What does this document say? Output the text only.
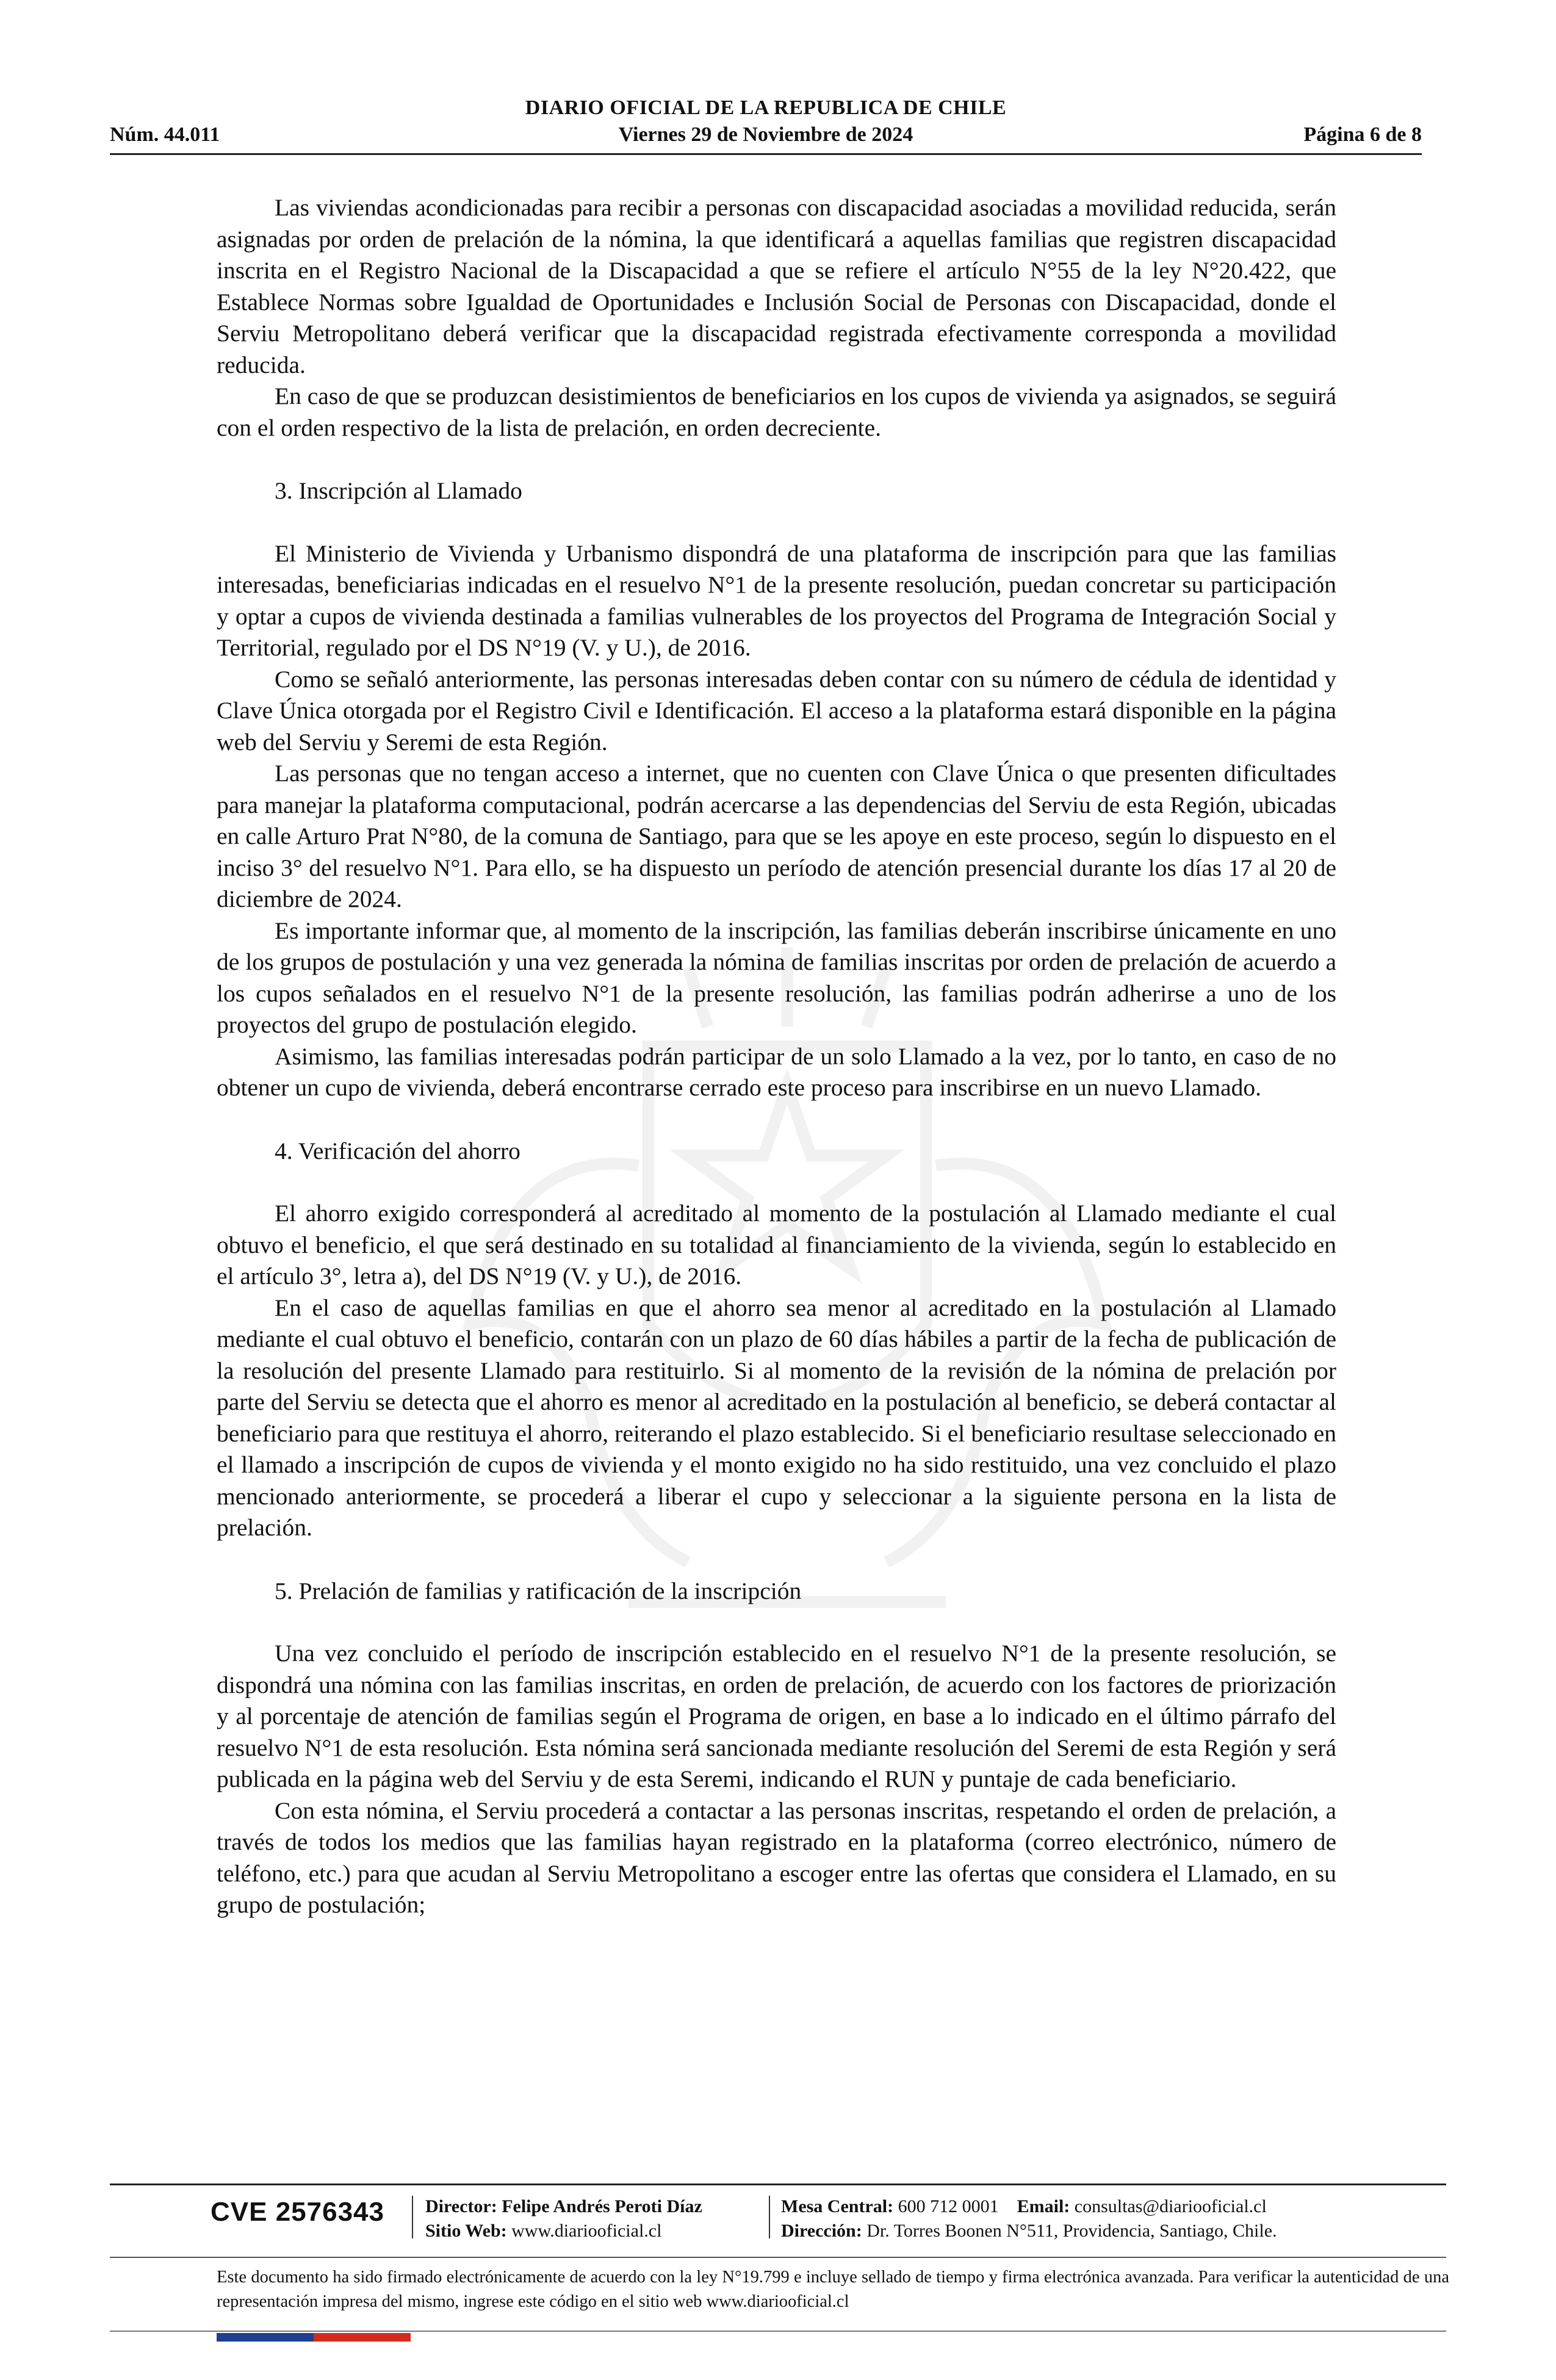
DIARIO OFICIAL DE LA REPUBLICA DE CHILE
Núm. 44.011	Viernes 29 de Noviembre de 2024	Página 6 de 8

Las viviendas acondicionadas para recibir a personas con discapacidad asociadas a movilidad reducida, serán asignadas por orden de prelación de la nómina, la que identificará a aquellas familias que registren discapacidad inscrita en el Registro Nacional de la Discapacidad a que se refiere el artículo N°55 de la ley N°20.422, que Establece Normas sobre Igualdad de Oportunidades e Inclusión Social de Personas con Discapacidad, donde el Serviu Metropolitano deberá verificar que la discapacidad registrada efectivamente corresponda a movilidad reducida.

En caso de que se produzcan desistimientos de beneficiarios en los cupos de vivienda ya asignados, se seguirá con el orden respectivo de la lista de prelación, en orden decreciente.

3. Inscripción al Llamado

El Ministerio de Vivienda y Urbanismo dispondrá de una plataforma de inscripción para que las familias interesadas, beneficiarias indicadas en el resuelvo N°1 de la presente resolución, puedan concretar su participación y optar a cupos de vivienda destinada a familias vulnerables de los proyectos del Programa de Integración Social y Territorial, regulado por el DS N°19 (V. y U.), de 2016.

Como se señaló anteriormente, las personas interesadas deben contar con su número de cédula de identidad y Clave Única otorgada por el Registro Civil e Identificación. El acceso a la plataforma estará disponible en la página web del Serviu y Seremi de esta Región.

Las personas que no tengan acceso a internet, que no cuenten con Clave Única o que presenten dificultades para manejar la plataforma computacional, podrán acercarse a las dependencias del Serviu de esta Región, ubicadas en calle Arturo Prat N°80, de la comuna de Santiago, para que se les apoye en este proceso, según lo dispuesto en el inciso 3° del resuelvo N°1. Para ello, se ha dispuesto un período de atención presencial durante los días 17 al 20 de diciembre de 2024.

Es importante informar que, al momento de la inscripción, las familias deberán inscribirse únicamente en uno de los grupos de postulación y una vez generada la nómina de familias inscritas por orden de prelación de acuerdo a los cupos señalados en el resuelvo N°1 de la presente resolución, las familias podrán adherirse a uno de los proyectos del grupo de postulación elegido.

Asimismo, las familias interesadas podrán participar de un solo Llamado a la vez, por lo tanto, en caso de no obtener un cupo de vivienda, deberá encontrarse cerrado este proceso para inscribirse en un nuevo Llamado.

4. Verificación del ahorro

El ahorro exigido corresponderá al acreditado al momento de la postulación al Llamado mediante el cual obtuvo el beneficio, el que será destinado en su totalidad al financiamiento de la vivienda, según lo establecido en el artículo 3°, letra a), del DS N°19 (V. y U.), de 2016.

En el caso de aquellas familias en que el ahorro sea menor al acreditado en la postulación al Llamado mediante el cual obtuvo el beneficio, contarán con un plazo de 60 días hábiles a partir de la fecha de publicación de la resolución del presente Llamado para restituirlo. Si al momento de la revisión de la nómina de prelación por parte del Serviu se detecta que el ahorro es menor al acreditado en la postulación al beneficio, se deberá contactar al beneficiario para que restituya el ahorro, reiterando el plazo establecido. Si el beneficiario resultase seleccionado en el llamado a inscripción de cupos de vivienda y el monto exigido no ha sido restituido, una vez concluido el plazo mencionado anteriormente, se procederá a liberar el cupo y seleccionar a la siguiente persona en la lista de prelación.

5. Prelación de familias y ratificación de la inscripción

Una vez concluido el período de inscripción establecido en el resuelvo N°1 de la presente resolución, se dispondrá una nómina con las familias inscritas, en orden de prelación, de acuerdo con los factores de priorización y al porcentaje de atención de familias según el Programa de origen, en base a lo indicado en el último párrafo del resuelvo N°1 de esta resolución. Esta nómina será sancionada mediante resolución del Seremi de esta Región y será publicada en la página web del Serviu y de esta Seremi, indicando el RUN y puntaje de cada beneficiario.

Con esta nómina, el Serviu procederá a contactar a las personas inscritas, respetando el orden de prelación, a través de todos los medios que las familias hayan registrado en la plataforma (correo electrónico, número de teléfono, etc.) para que acudan al Serviu Metropolitano a escoger entre las ofertas que considera el Llamado, en su grupo de postulación;

CVE 2576343 Director: Felipe Andrés Peroti Díaz
Sitio Web: www.diariooficial.cl
Mesa Central: 600 712 0001 Email: consultas@diariooficial.cl
Dirección: Dr. Torres Boonen N°511, Providencia, Santiago, Chile.
Este documento ha sido firmado electrónicamente de acuerdo con la ley N°19.799 e incluye sellado de tiempo y firma electrónica avanzada. Para verificar la autenticidad de una representación impresa del mismo, ingrese este código en el sitio web www.diariooficial.cl
